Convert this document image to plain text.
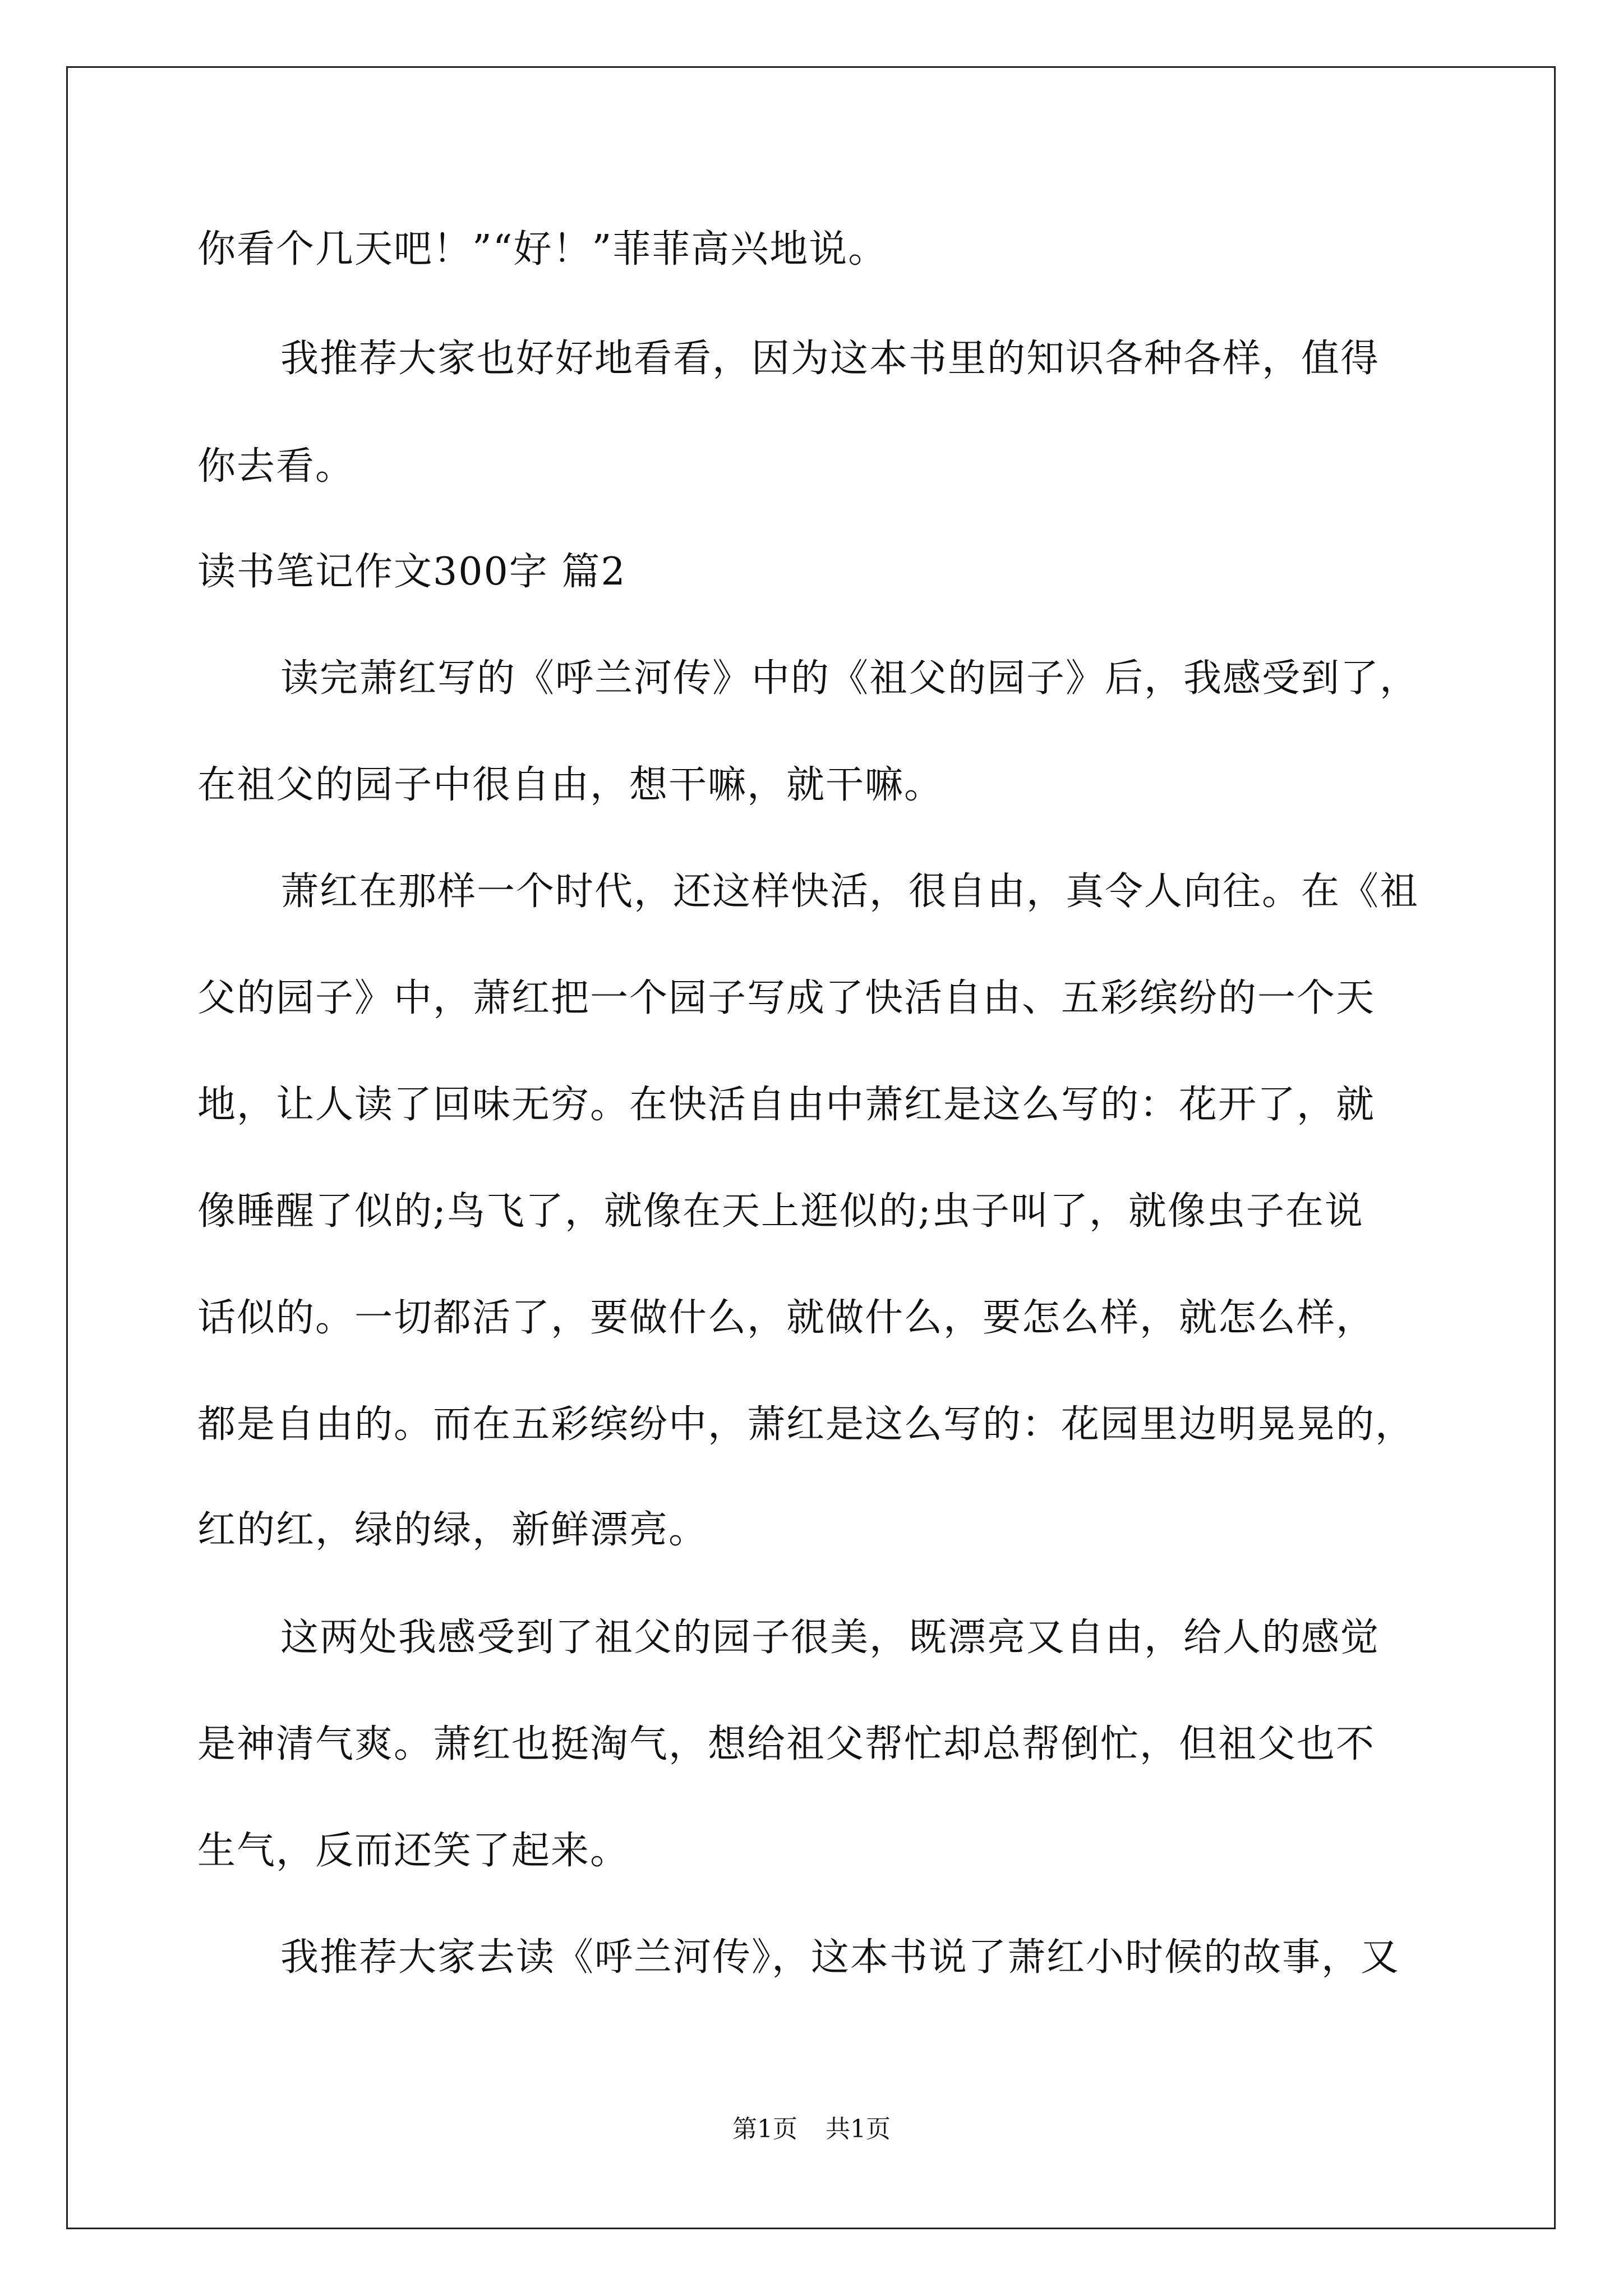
你看个几天吧！”“好！”菲菲高兴地说。
我推荐大家也好好地看看，因为这本书里的知识各种各样，值得
你去看。
读书笔记作文300字 篇2
读完萧红写的《呼兰河传》中的《祖父的园子》后，我感受到了，
在祖父的园子中很自由，想干嘛，就干嘛。
萧红在那样一个时代，还这样快活，很自由，真令人向往。在《祖
父的园子》中，萧红把一个园子写成了快活自由、五彩缤纷的一个天
地，让人读了回味无穷。在快活自由中萧红是这么写的：花开了，就
像睡醒了似的;鸟飞了，就像在天上逛似的;虫子叫了，就像虫子在说
话似的。一切都活了，要做什么，就做什么，要怎么样，就怎么样，
都是自由的。而在五彩缤纷中，萧红是这么写的：花园里边明晃晃的，
红的红，绿的绿，新鲜漂亮。
这两处我感受到了祖父的园子很美，既漂亮又自由，给人的感觉
是神清气爽。萧红也挺淘气，想给祖父帮忙却总帮倒忙，但祖父也不
生气，反而还笑了起来。
我推荐大家去读《呼兰河传》，这本书说了萧红小时候的故事，又
第1页 共1页
